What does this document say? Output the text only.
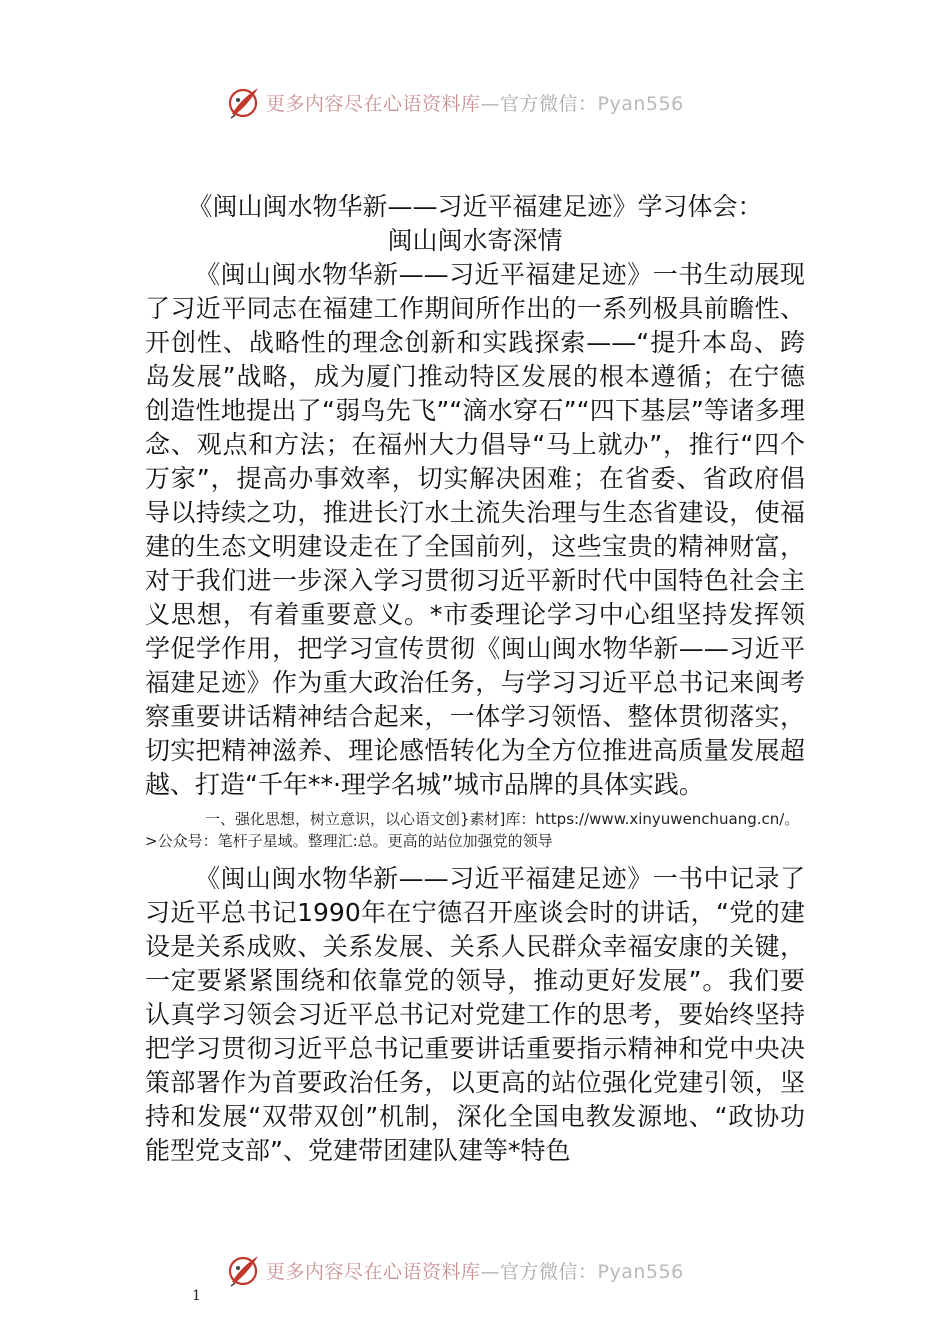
更多内容尽在心语资料库—官方微信：Pyan556

《闽山闽水物华新——习近平福建足迹》学习体会：

闽山闽水寄深情

《闽山闽水物华新——习近平福建足迹》一书生动展现了习近平同志在福建工作期间所作出的一系列极具前瞻性、开创性、战略性的理念创新和实践探索——“提升本岛、跨岛发展”战略，成为厦门推动特区发展的根本遵循；在宁德创造性地提出了“弱鸟先飞”“滴水穿石”“四下基层”等诸多理念、观点和方法；在福州大力倡导“马上就办”，推行“四个万家”，提高办事效率，切实解决困难；在省委、省政府倡导以持续之功，推进长汀水土流失治理与生态省建设，使福建的生态文明建设走在了全国前列，这些宝贵的精神财富，对于我们进一步深入学习贯彻习近平新时代中国特色社会主义思想，有着重要意义。*市委理论学习中心组坚持发挥领学促学作用，把学习宣传贯彻《闽山闽水物华新——习近平福建足迹》作为重大政治任务，与学习习近平总书记来闽考察重要讲话精神结合起来，一体学习领悟、整体贯彻落实，切实把精神滋养、理论感悟转化为全方位推进高质量发展超越、打造“千年**·理学名城”城市品牌的具体实践。

一、强化思想，树立意识，以心语文创}素材]库：https://www.xinyuwenchuang.cn/。>公众号：笔杆子星域。整理汇:总。更高的站位加强党的领导

《闽山闽水物华新——习近平福建足迹》一书中记录了习近平总书记1990年在宁德召开座谈会时的讲话，“党的建设是关系成败、关系发展、关系人民群众幸福安康的关键，一定要紧紧围绕和依靠党的领导，推动更好发展”。我们要认真学习领会习近平总书记对党建工作的思考，要始终坚持把学习贯彻习近平总书记重要讲话重要指示精神和党中央决策部署作为首要政治任务，以更高的站位强化党建引领，坚持和发展“双带双创”机制，深化全国电教发源地、“政协功能型党支部”、党建带团建队建等*特色

更多内容尽在心语资料库—官方微信：Pyan556
1
